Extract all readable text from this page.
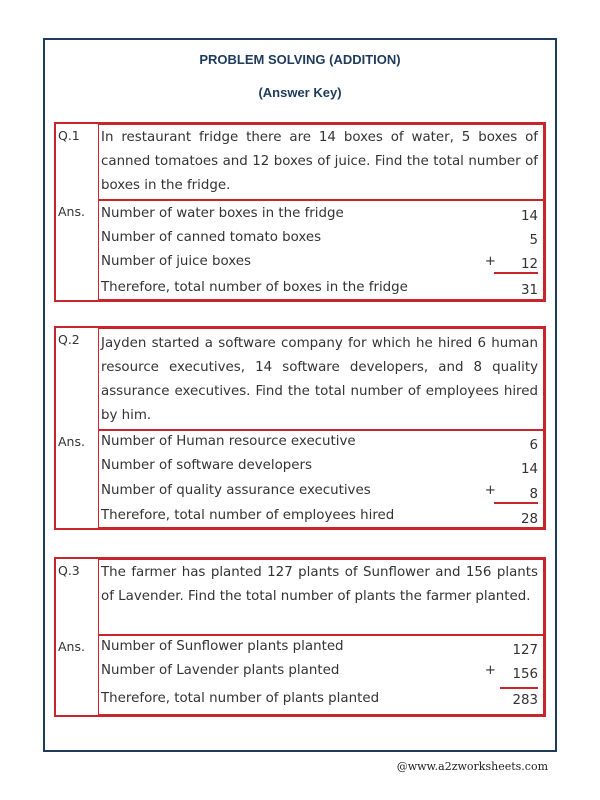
PROBLEM SOLVING (ADDITION)
(Answer Key)
Q.1 In restaurant fridge there are 14 boxes of water, 5 boxes of canned tomatoes and 12 boxes of juice. Find the total number of boxes in the fridge.
Ans. Number of water boxes in the fridge	14
Number of canned tomato boxes	5
Number of juice boxes	+ 12
Therefore, total number of boxes in the fridge	31
Q.2 Jayden started a software company for which he hired 6 human resource executives, 14 software developers, and 8 quality assurance executives. Find the total number of employees hired by him.
Ans. Number of Human resource executive	6
Number of software developers	14
Number of quality assurance executives	+ 8
Therefore, total number of employees hired	28
Q.3 The farmer has planted 127 plants of Sunflower and 156 plants of Lavender. Find the total number of plants the farmer planted.
Ans. Number of Sunflower plants planted	127
Number of Lavender plants planted	+ 156
Therefore, total number of plants planted	283
@www.a2zworksheets.com
